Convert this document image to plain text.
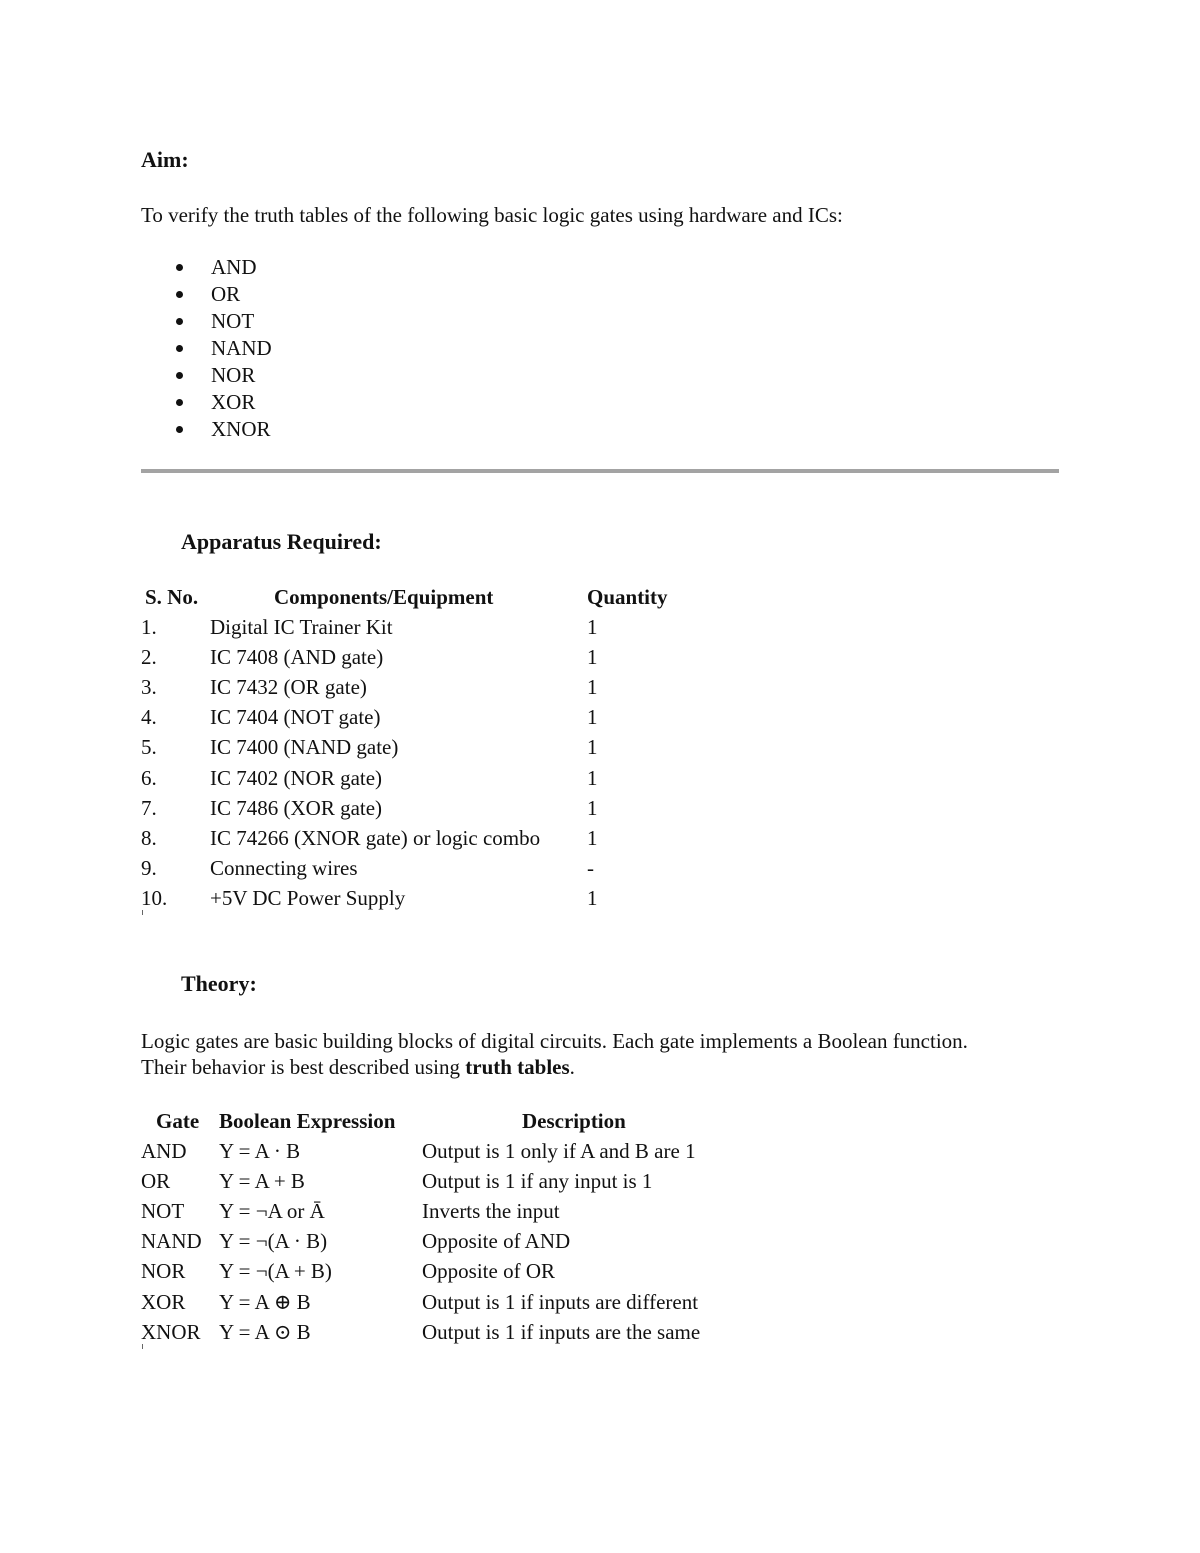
Aim:

To verify the truth tables of the following basic logic gates using hardware and ICs:

AND
OR
NOT
NAND
NOR
XOR
XNOR
Apparatus Required:
S. No.	Components/Equipment	Quantity
1.	Digital IC Trainer Kit	1
2.	IC 7408 (AND gate)	1
3.	IC 7432 (OR gate)	1
4.	IC 7404 (NOT gate)	1
5.	IC 7400 (NAND gate)	1
6.	IC 7402 (NOR gate)	1
7.	IC 7486 (XOR gate)	1
8.	IC 74266 (XNOR gate) or logic combo	1
9.	Connecting wires	-
10.	+5V DC Power Supply	1
Theory:

Logic gates are basic building blocks of digital circuits. Each gate implements a Boolean function. Their behavior is best described using truth tables.

Gate	Boolean Expression	Description
AND	Y = A · B	Output is 1 only if A and B are 1
OR	Y = A + B	Output is 1 if any input is 1
NOT	Y = ¬A or Ā	Inverts the input
NAND	Y = ¬(A · B)	Opposite of AND
NOR	Y = ¬(A + B)	Opposite of OR
XOR	Y = A ⊕ B	Output is 1 if inputs are different
XNOR	Y = A ⊙ B	Output is 1 if inputs are the same
